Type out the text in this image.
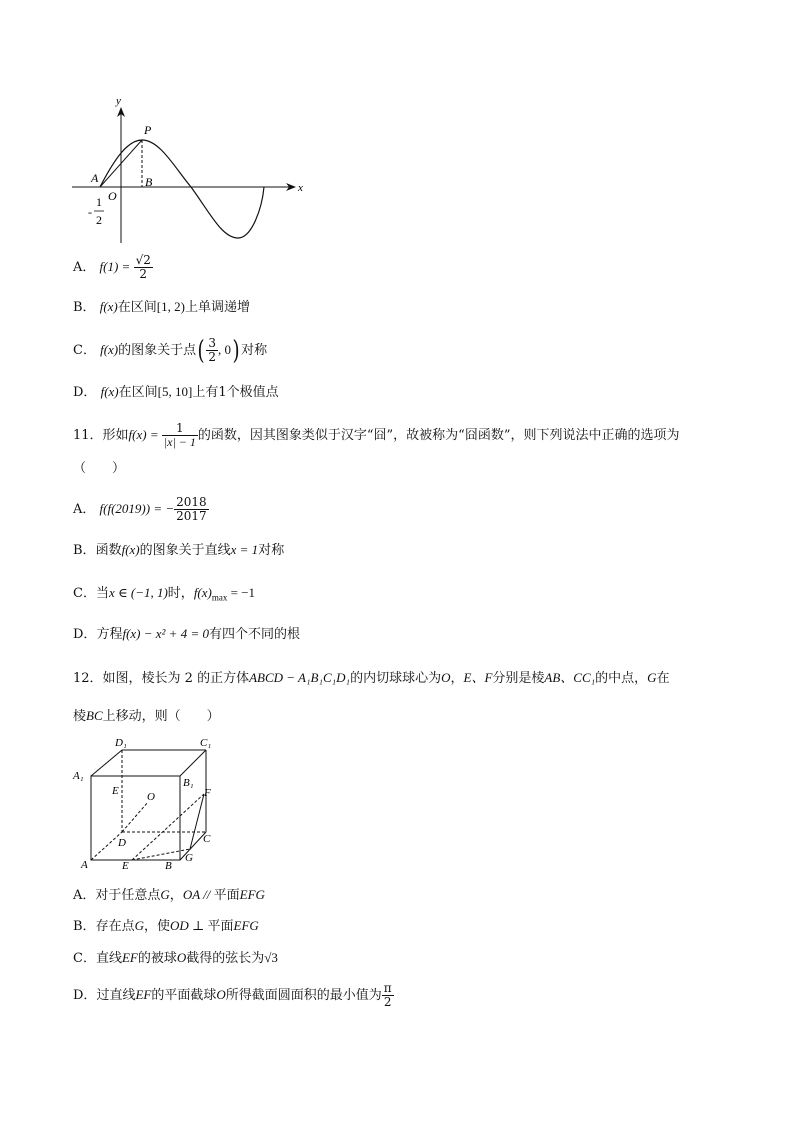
y
x
P
A	B
O
-
1
2
A． $f(1) = \frac{√2}{2}$
B． f(x)在区间[1, 2)上单调递增
C． f(x)的图象关于点( $\frac{3}{2}$ , 0) 对称
D． f(x)在区间[5, 10]上有1个极值点
11．形如$f(x) = \frac{1}{|x| - 1}$ 的函数，因其图象类似于汉字“囧”，故被称为“囧函数”，则下列说法中正确的选项为
（　　）
A． f(f(2019)) = − $\frac{2018}{2017}$
B．函数f(x)的图象关于直线x = 1对称
C．当x ∈ (−1, 1)时，$f(x)_{max} = -1$
D．方程f(x) − x² + 4 = 0有四个不同的根
12．如图，棱长为 2 的正方体ABCD − A₁B₁C₁D₁的内切球球心为O，E、F分别是棱AB、CC₁的中点，G在
棱BC上移动，则（　　）
D₁	C₁
A₁
B₁
E	O	F
D	C
G
A	E	B
A．对于任意点G，OA // 平面EFG
B．存在点G，使OD ⊥ 平面EFG
C．直线EF的被球O截得的弦长为√3
D．过直线EF的平面截球O所得截面圆面积的最小值为 $\frac{\pi}{2}$
